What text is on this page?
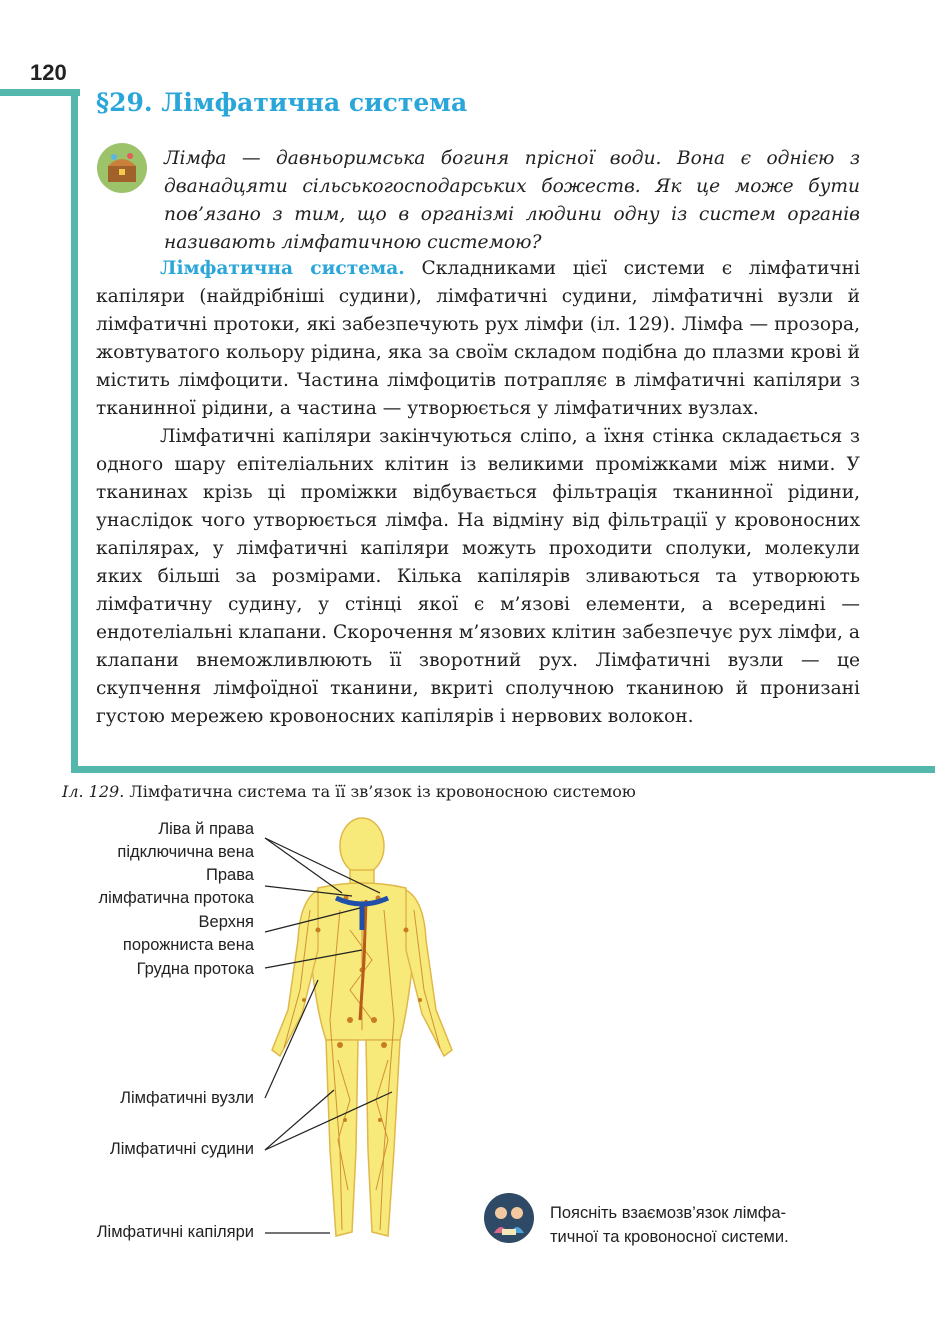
120
§29. Лімфатична система
Лімфа — давньоримська богиня прісної води. Вона є однією з дванадцяти сільськогосподарських божеств. Як це може бути пов’язано з тим, що в організмі людини одну із систем органів називають лімфатичною системою?

Лімфатична система. Складниками цієї системи є лімфатичні капіляри (найдрібніші судини), лімфатичні судини, лімфатичні вузли й лімфатичні протоки, які забезпечують рух лімфи (іл. 129). Лімфа — прозора, жовтуватого кольору рідина, яка за своїм складом подібна до плазми крові й містить лімфоцити. Частина лімфоцитів потрапляє в лімфатичні капіляри з тканинної рідини, а частина — утворюється у лімфатичних вузлах.

Лімфатичні капіляри закінчуються сліпо, а їхня стінка складається з одного шару епітеліальних клітин із великими проміжками між ними. У тканинах крізь ці проміжки відбувається фільтрація тканинної рідини, унаслідок чого утворюється лімфа. На відміну від фільтрації у кровоносних капілярах, у лімфатичні капіляри можуть проходити сполуки, молекули яких більші за розмірами. Кілька капілярів зливаються та утворюють лімфатичну судину, у стінці якої є м’язові елементи, а всередині — ендотеліальні клапани. Скорочення м’язових клітин забезпечує рух лімфи, а клапани внеможливлюють її зворотний рух. Лімфатичні вузли — це скупчення лімфоїдної тканини, вкриті сполучною тканиною й пронизані густою мережею кровоносних капілярів і нервових волокон.

Іл. 129. Лімфатична система та її зв’язок із кровоносною системою
Ліва й права
підключична вена
Права
лімфатична протока
Верхня
порожниста вена
Грудна протока
Лімфатичні вузли
Лімфатичні судини
Лімфатичні капіляри
Поясніть взаємозв’язок лімфа-
тичної та кровоносної системи.
